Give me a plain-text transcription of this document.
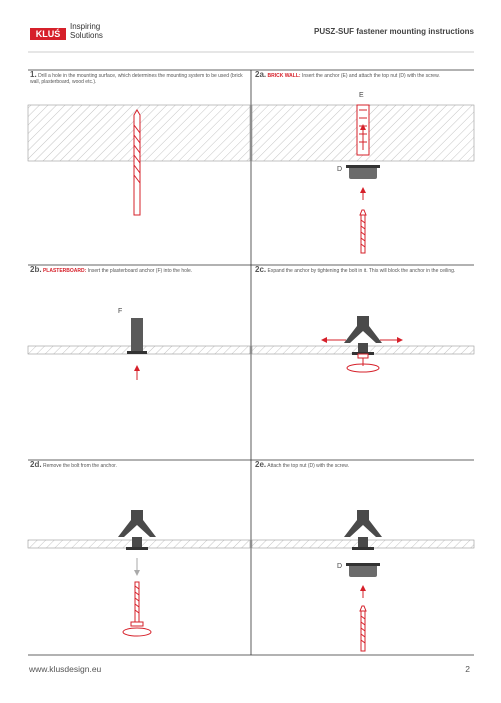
KLUŚ
Inspiring
Solutions	PUSZ-SUF fastener mounting instructions
E
D
F
D
1. Drill a hole in the mounting surface, which determines the mounting system to be used (brick wall, plasterboard, wood etc.).
2a. BRICK WALL: Insert the anchor (E) and attach the top nut (D) with the screw.
2b. PLASTERBOARD: Insert the plasterboard anchor (F) into the hole.	2c. Expand the anchor by tightening the bolt in it. This will block the anchor in the ceiling.
2d. Remove the bolt from the anchor.	2e. Attach the top nut (D) with the screw.
www.klusdesign.eu	2
